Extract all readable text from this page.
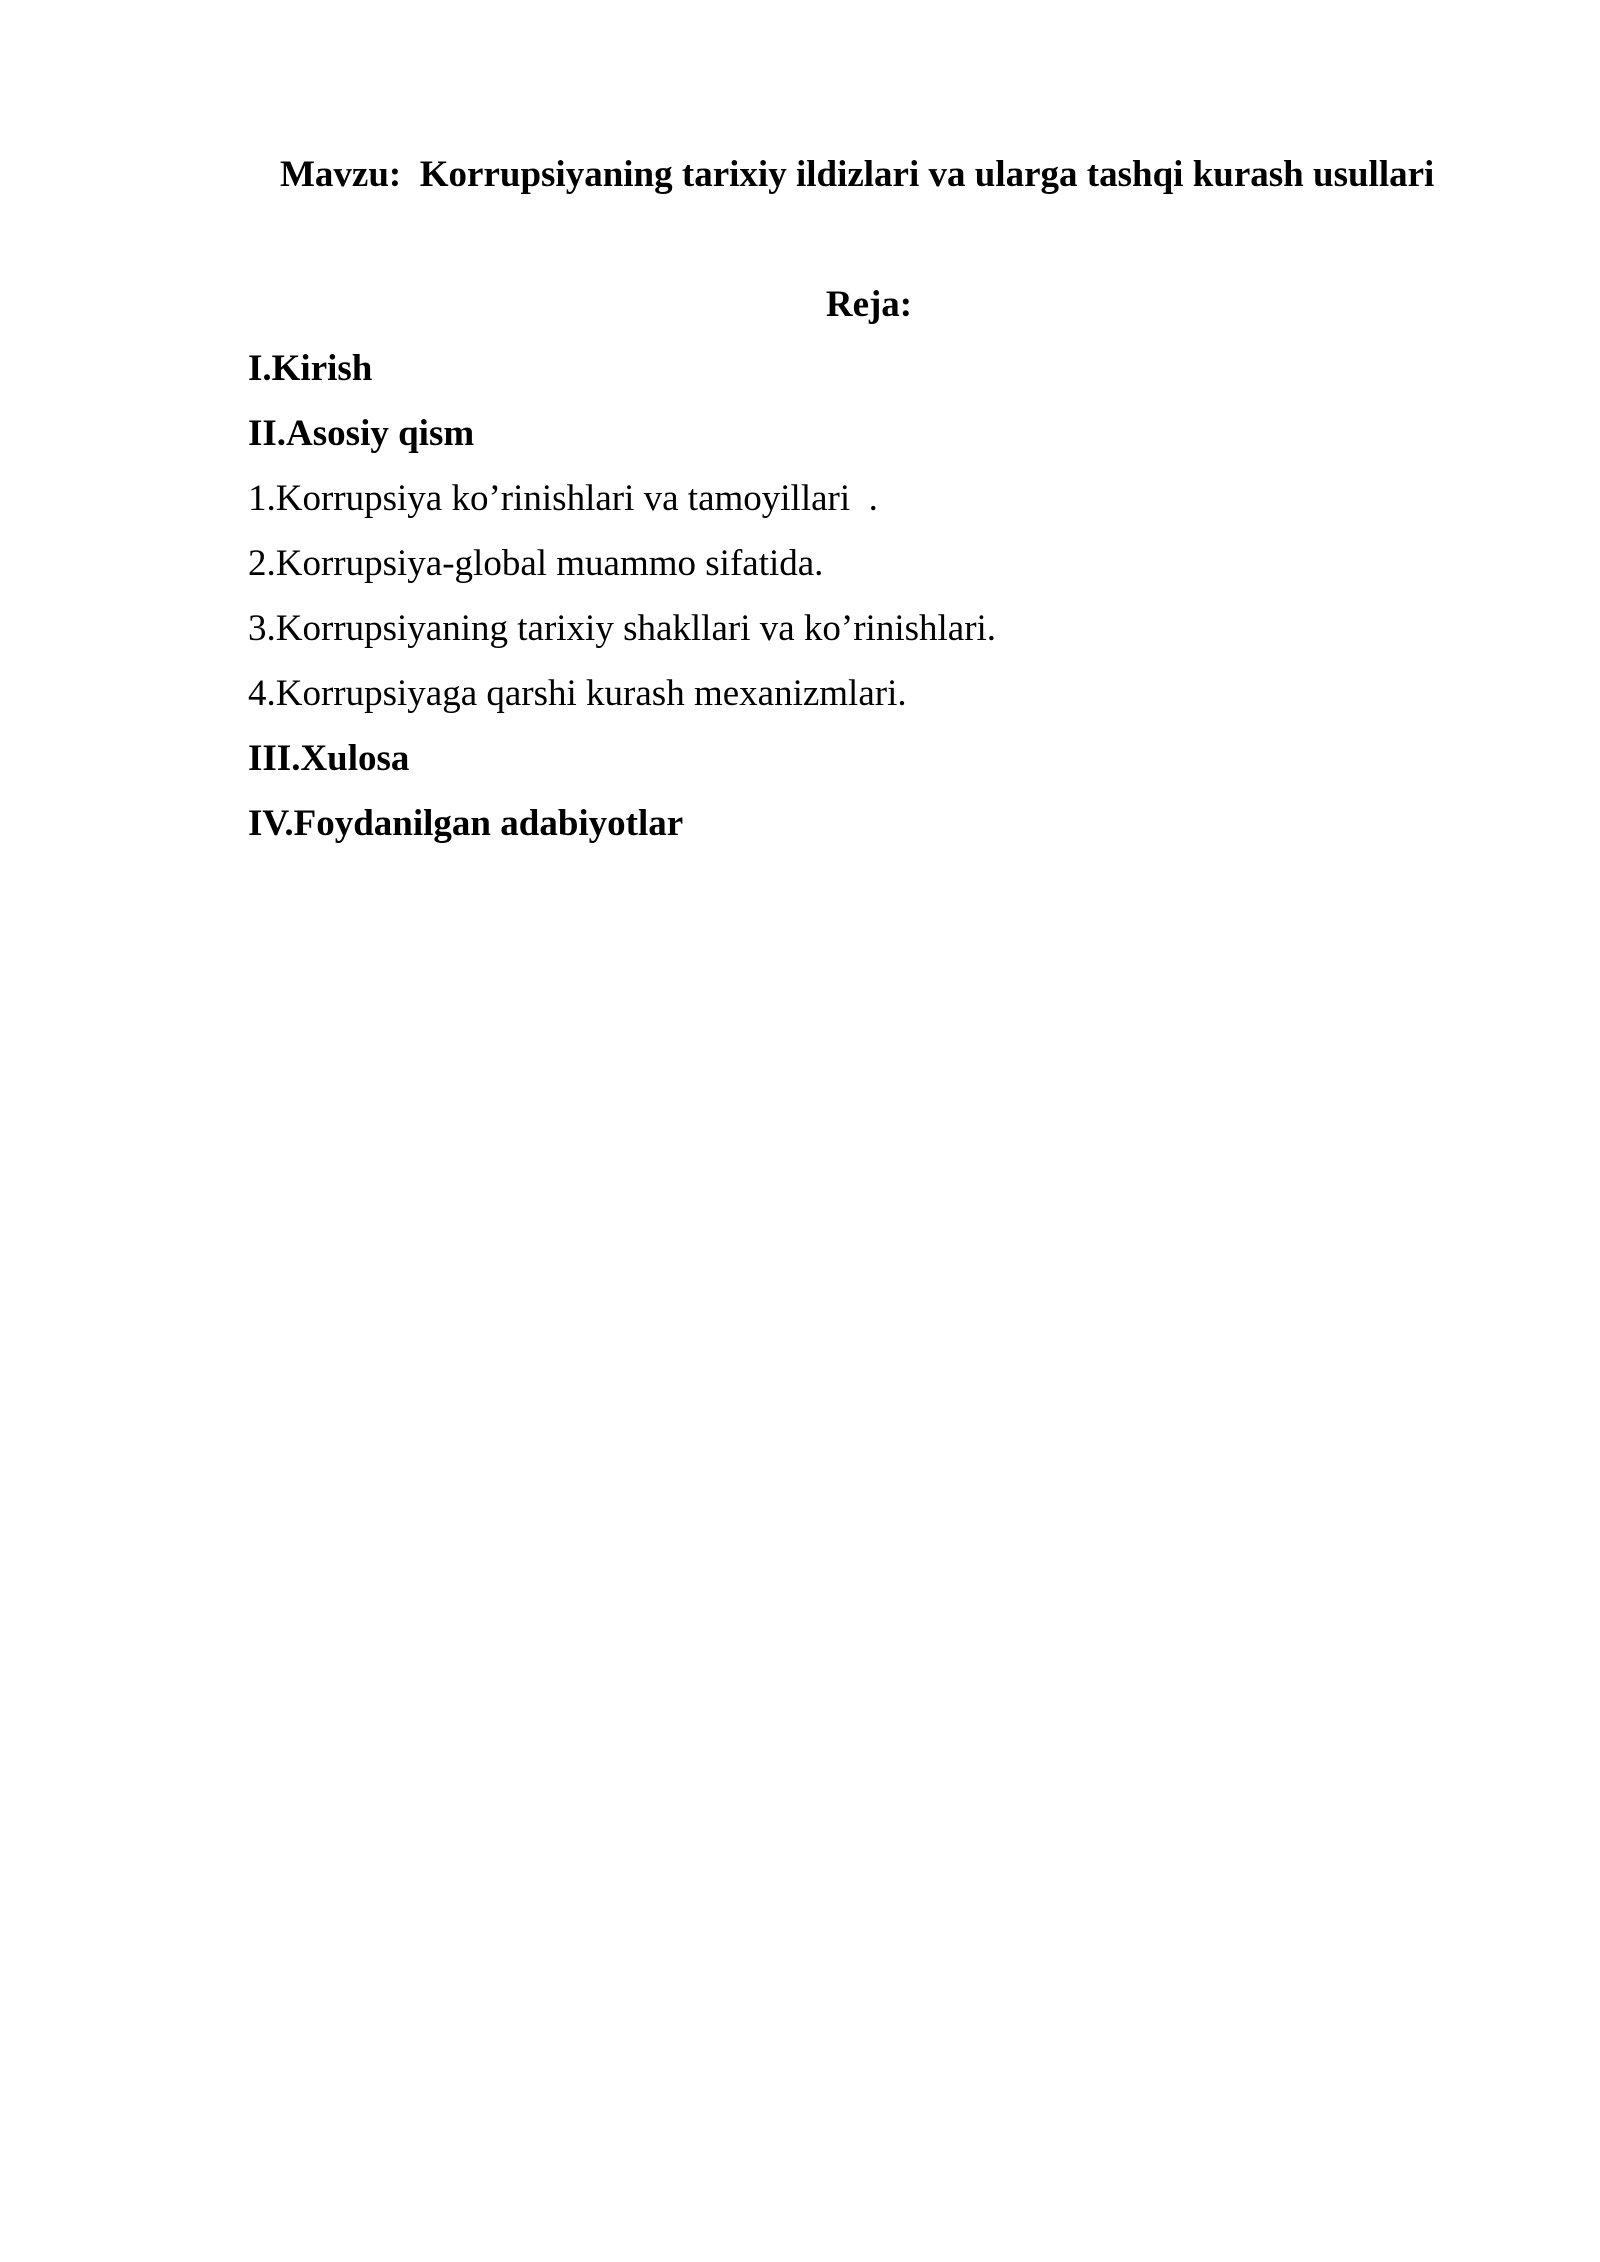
Mavzu:  Korrupsiyaning tarixiy ildizlari va ularga tashqi kurash usullari
Reja:
I.Kirish
II.Asosiy qism
1.Korrupsiya ko’rinishlari va tamoyillari  .
2.Korrupsiya-global muammo sifatida.
3.Korrupsiyaning tarixiy shakllari va ko’rinishlari.
4.Korrupsiyaga qarshi kurash mexanizmlari.
III.Xulosa
IV.Foydanilgan adabiyotlar
